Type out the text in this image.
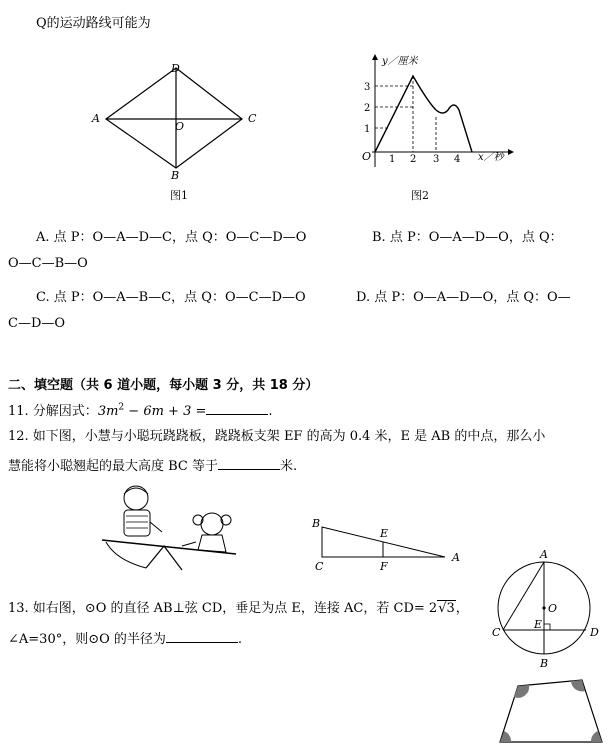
Q的运动路线可能为
D
A
O
C
B
图1
y／厘米
x／秒
O 1 2 3 4
1
2
3
图2
A. 点 P：O—A—D—C，点 Q：O—C—D—O	B. 点 P：O—A—D—O，点 Q：
O—C—B—O
C. 点 P：O—A—B—C，点 Q：O—C—D—O	D. 点 P：O—A—D—O，点 Q：O—
C—D—O
二、填空题（共 6 道小题，每小题 3 分，共 18 分）
11. 分解因式：$3m^2 - 6m + 3$ =	.
12. 如下图，小慧与小聪玩跷跷板，跷跷板支架 EF 的高为 0.4 米，E 是 AB 的中点，那么小
慧能将小聪翘起的最大高度 BC 等于	米.
B
E
A
C	F
13. 如右图，⊙O 的直径 AB⊥弦 CD，垂足为点 E，连接 AC，若 CD= 2√3，
∠A=30°，则⊙O 的半径为	.
A
O
C
E
D
B
